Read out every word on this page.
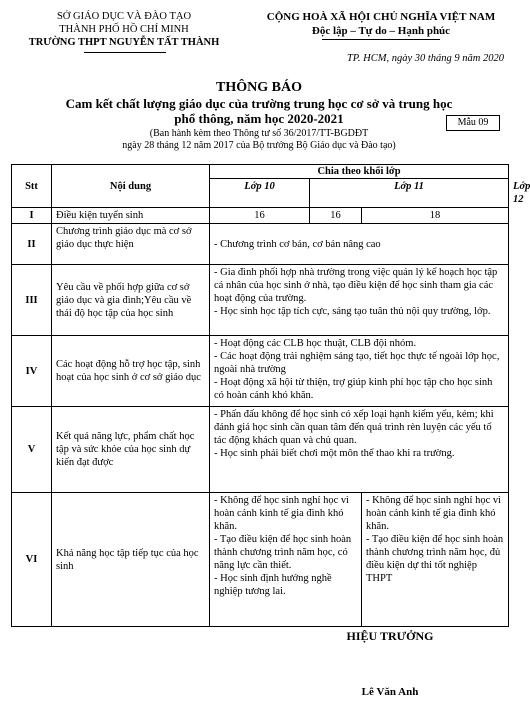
SỞ GIÁO DỤC VÀ ĐÀO TẠO
THÀNH PHỐ HỒ CHÍ MINH
TRƯỜNG THPT NGUYỄN TẤT THÀNH
CỘNG HOÀ XÃ HỘI CHỦ NGHĨA VIỆT NAM
Độc lập – Tự do – Hạnh phúc
TP. HCM, ngày 30 tháng 9 năm 2020
THÔNG BÁO
Cam kết chất lượng giáo dục của trường trung học cơ sở và trung học
phổ thông, năm học 2020-2021	Mẫu 09
(Ban hành kèm theo Thông tư số 36/2017/TT-BGDĐT
ngày 28 tháng 12 năm 2017 của Bộ trưởng Bộ Giáo dục và Đào tạo)
Stt	Nội dung	Chia theo khối lớp			
		Lớp 10	Lớp 11		Lớp 12
I	Điều kiện tuyển sinh	16	16	18	
II	Chương trình giáo dục mà cơ sở giáo dục thực hiện	- Chương trình cơ bản, cơ bản nâng cao			
III	Yêu cầu về phối hợp giữa cơ sở giáo dục và gia đình;Yêu cầu về thái độ học tập của học sinh	- Gia đình phối hợp nhà trường trong việc quản lý kế hoạch học tập cá nhân của học sinh ở nhà, tạo điều kiện để học sinh tham gia các hoạt động của trường.
- Học sinh học tập tích cực, sáng tạo tuân thủ nội quy trường, lớp.			

IV	Các hoạt động hỗ trợ học tập, sinh hoạt của học sinh ở cơ sở giáo dục	- Hoạt động các CLB học thuật, CLB đội nhóm.
- Các hoạt động trải nghiệm sáng tạo, tiết học thực tế ngoài lớp học, ngoài nhà trường
- Hoạt động xã hội từ thiện, trợ giúp kinh phí học tập cho học sinh có hoàn cảnh khó khăn.			

V	Kết quả năng lực, phẩm chất học tập và sức khỏe của học sinh dự kiến đạt được	- Phấn đấu không để học sinh có xếp loại hạnh kiểm yếu, kém; khi đánh giá học sinh cần quan tâm đến quá trình rèn luyện các yếu tố tác động khách quan và chủ quan.
- Học sinh phải biết chơi một môn thể thao khi ra trường.			

VI	Khả năng học tập tiếp tục của học sinh	- Không để học sinh nghỉ học vì hoàn cảnh kinh tế gia đình khó khăn.
- Tạo điều kiện để học sinh hoàn thành chương trình năm học, có năng lực cần thiết.
- Học sinh định hướng nghề nghiệp tương lai.		- Không để học sinh nghỉ học vì hoàn cảnh kinh tế gia đình khó khăn.
- Tạo điều kiện để học sinh hoàn thành chương trình năm học, đủ điều kiện dự thi tốt nghiệp THPT	
HIỆU TRƯỞNG
Lê Văn Anh
